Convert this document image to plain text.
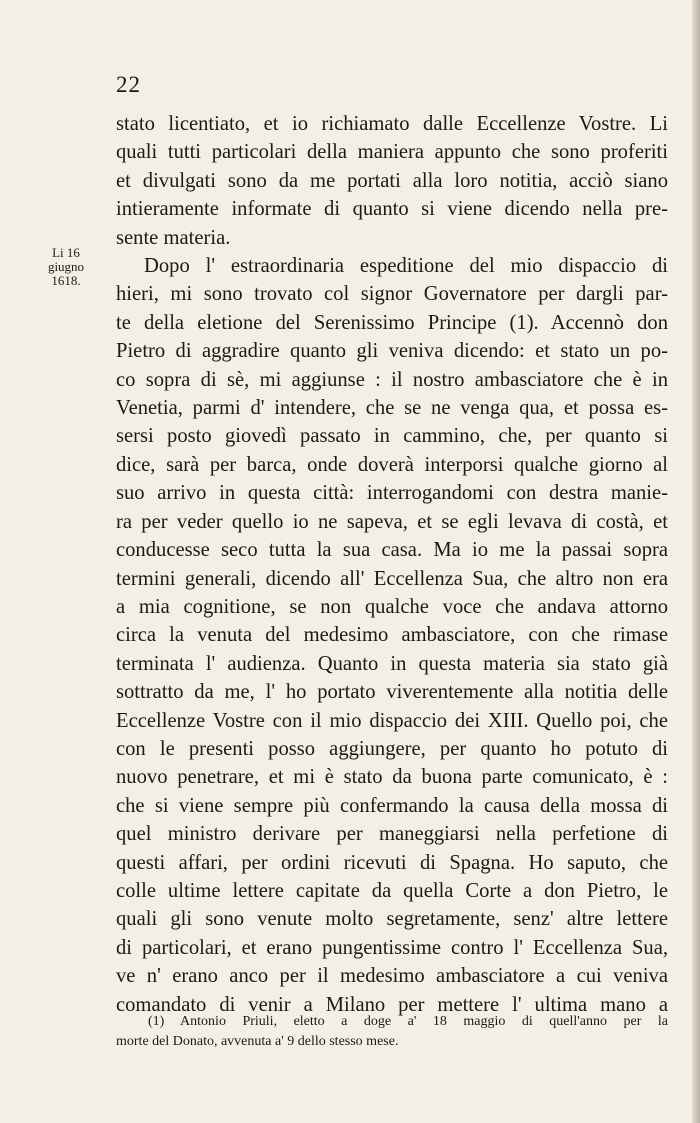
22
Li 16
giugno
1618.
stato licentiato, et io richiamato dalle Eccellenze Vostre. Li
quali tutti particolari della maniera appunto che sono proferiti
et divulgati sono da me portati alla loro notitia, acciò siano
intieramente informate di quanto si viene dicendo nella pre-
sente materia.
Dopo l' estraordinaria espeditione del mio dispaccio di
hieri, mi sono trovato col signor Governatore per dargli par-
te della eletione del Serenissimo Principe (1). Accennò don
Pietro di aggradire quanto gli veniva dicendo: et stato un po-
co sopra di sè, mi aggiunse : il nostro ambasciatore che è in
Venetia, parmi d' intendere, che se ne venga qua, et possa es-
sersi posto giovedì passato in cammino, che, per quanto si
dice, sarà per barca, onde doverà interporsi qualche giorno al
suo arrivo in questa città: interrogandomi con destra manie-
ra per veder quello io ne sapeva, et se egli levava di costà, et
conducesse seco tutta la sua casa. Ma io me la passai sopra
termini generali, dicendo all' Eccellenza Sua, che altro non era
a mia cognitione, se non qualche voce che andava attorno
circa la venuta del medesimo ambasciatore, con che rimase
terminata l' audienza. Quanto in questa materia sia stato già
sottratto da me, l' ho portato viverentemente alla notitia delle
Eccellenze Vostre con il mio dispaccio dei XIII. Quello poi, che
con le presenti posso aggiungere, per quanto ho potuto di
nuovo penetrare, et mi è stato da buona parte comunicato, è :
che si viene sempre più confermando la causa della mossa di
quel ministro derivare per maneggiarsi nella perfetione di
questi affari, per ordini ricevuti di Spagna. Ho saputo, che
colle ultime lettere capitate da quella Corte a don Pietro, le
quali gli sono venute molto segretamente, senz' altre lettere
di particolari, et erano pungentissime contro l' Eccellenza Sua,
ve n' erano anco per il medesimo ambasciatore a cui veniva
comandato di venir a Milano per mettere l' ultima mano a
(1) Antonio Priuli, eletto a doge a' 18 maggio di quell'anno per la
morte del Donato, avvenuta a' 9 dello stesso mese.
